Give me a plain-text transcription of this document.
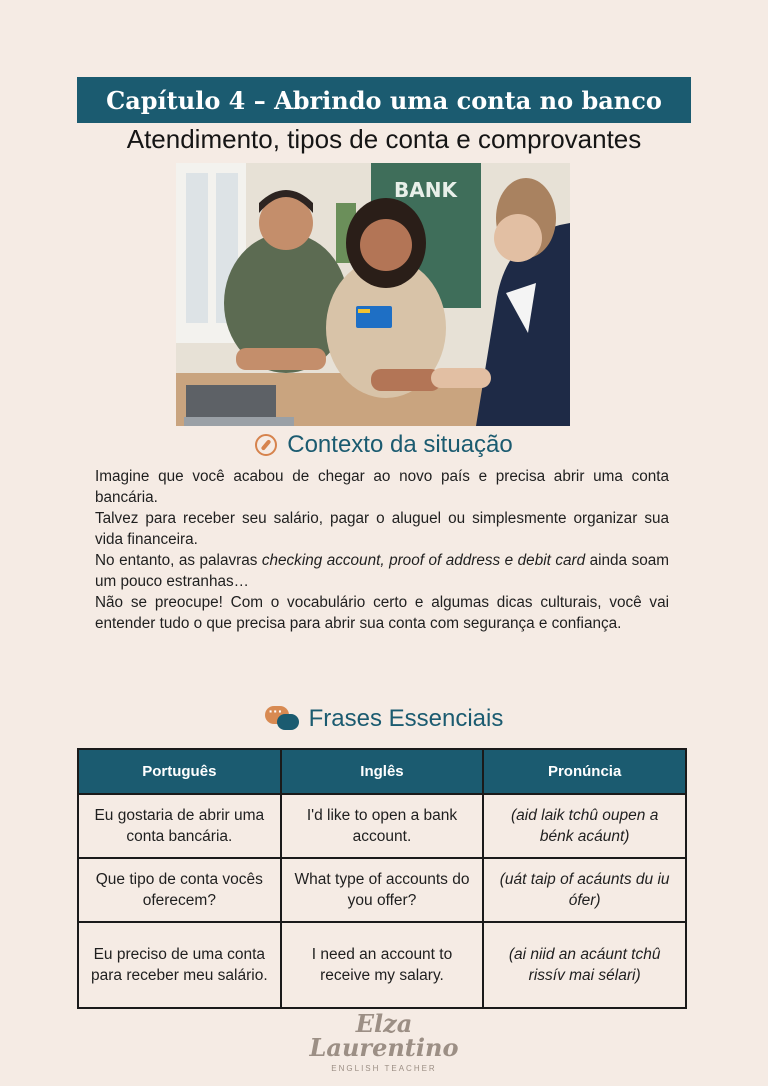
Capítulo 4 – Abrindo uma conta no banco
Atendimento, tipos de conta e comprovantes
BANK
Contexto da situação

Imagine que você acabou de chegar ao novo país e precisa abrir uma conta bancária.

Talvez para receber seu salário, pagar o aluguel ou simplesmente organizar sua vida financeira.

No entanto, as palavras checking account, proof of address e debit card ainda soam um pouco estranhas…

Não se preocupe! Com o vocabulário certo e algumas dicas culturais, você vai entender tudo o que precisa para abrir sua conta com segurança e confiança.

···
Frases Essenciais
Português	Inglês	Pronúncia
Eu gostaria de abrir uma conta bancária.	I'd like to open a bank account.	(aid laik tchû oupen a bénk acáunt)
Que tipo de conta vocês oferecem?	What type of accounts do you offer?	(uát taip of acáunts du iu ófer)
Eu preciso de uma conta para receber meu salário.	I need an account to receive my salary.	(ai niid an acáunt tchû rissív mai sélari)
Elza
Laurentino
ENGLISH TEACHER
